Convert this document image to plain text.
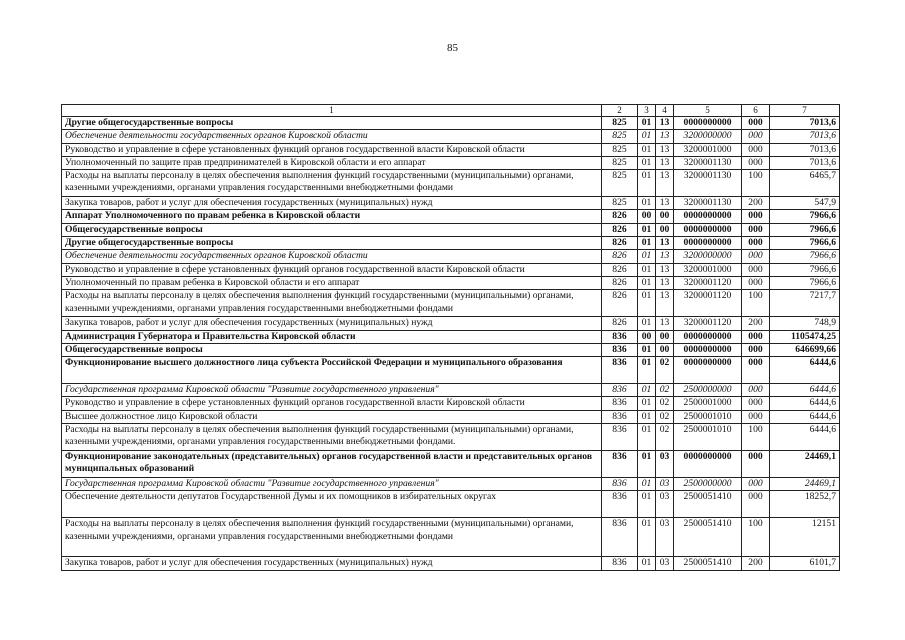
85
1	2	3	4	5	6	7
Другие общегосударственные вопросы	825	01	13	0000000000	000	7013,6
Обеспечение деятельности государственных органов Кировской области	825	01	13	3200000000	000	7013,6
Руководство и управление в сфере установленных функций органов государственной власти Кировской области	825	01	13	3200001000	000	7013,6
Уполномоченный по защите прав предпринимателей в Кировской области и его аппарат	825	01	13	3200001130	000	7013,6
Расходы на выплаты персоналу в целях обеспечения выполнения функций государственными (муниципальными) органами, казенными учреждениями, органами управления государственными внебюджетными фондами	825	01	13	3200001130	100	6465,7
Закупка товаров, работ и услуг для обеспечения государственных (муниципальных) нужд	825	01	13	3200001130	200	547,9
Аппарат Уполномоченного по правам ребенка в Кировской области	826	00	00	0000000000	000	7966,6
Общегосударственные вопросы	826	01	00	0000000000	000	7966,6
Другие общегосударственные вопросы	826	01	13	0000000000	000	7966,6
Обеспечение деятельности государственных органов Кировской области	826	01	13	3200000000	000	7966,6
Руководство и управление в сфере установленных функций органов государственной власти Кировской области	826	01	13	3200001000	000	7966,6
Уполномоченный по правам ребенка в Кировской области и его аппарат	826	01	13	3200001120	000	7966,6
Расходы на выплаты персоналу в целях обеспечения выполнения функций государственными (муниципальными) органами, казенными учреждениями, органами управления государственными внебюджетными фондами	826	01	13	3200001120	100	7217,7
Закупка товаров, работ и услуг для обеспечения государственных (муниципальных) нужд	826	01	13	3200001120	200	748,9
Администрация Губернатора и Правительства Кировской области	836	00	00	0000000000	000	1105474,25
Общегосударственные вопросы	836	01	00	0000000000	000	646699,66
Функционирование высшего должностного лица субъекта Российской Федерации и муниципального образования	836	01	02	0000000000	000	6444,6
Государственная программа Кировской области "Развитие государственного управления"	836	01	02	2500000000	000	6444,6
Руководство и управление в сфере установленных функций органов государственной власти Кировской области	836	01	02	2500001000	000	6444,6
Высшее должностное лицо Кировской области	836	01	02	2500001010	000	6444,6
Расходы на выплаты персоналу в целях обеспечения выполнения функций государственными (муниципальными) органами, казенными учреждениями, органами управления государственными внебюджетными фондами.	836	01	02	2500001010	100	6444,6
Функционирование законодательных (представительных) органов государственной власти и представительных органов муниципальных образований	836	01	03	0000000000	000	24469,1
Государственная программа Кировской области "Развитие государственного управления"	836	01	03	2500000000	000	24469,1
Обеспечение деятельности депутатов Государственной Думы и их помощников в избирательных округах	836	01	03	2500051410	000	18252,7
Расходы на выплаты персоналу в целях обеспечения выполнения функций государственными (муниципальными) органами, казенными учреждениями, органами управления государственными внебюджетными фондами	836	01	03	2500051410	100	12151
Закупка товаров, работ и услуг для обеспечения государственных (муниципальных) нужд	836	01	03	2500051410	200	6101,7
